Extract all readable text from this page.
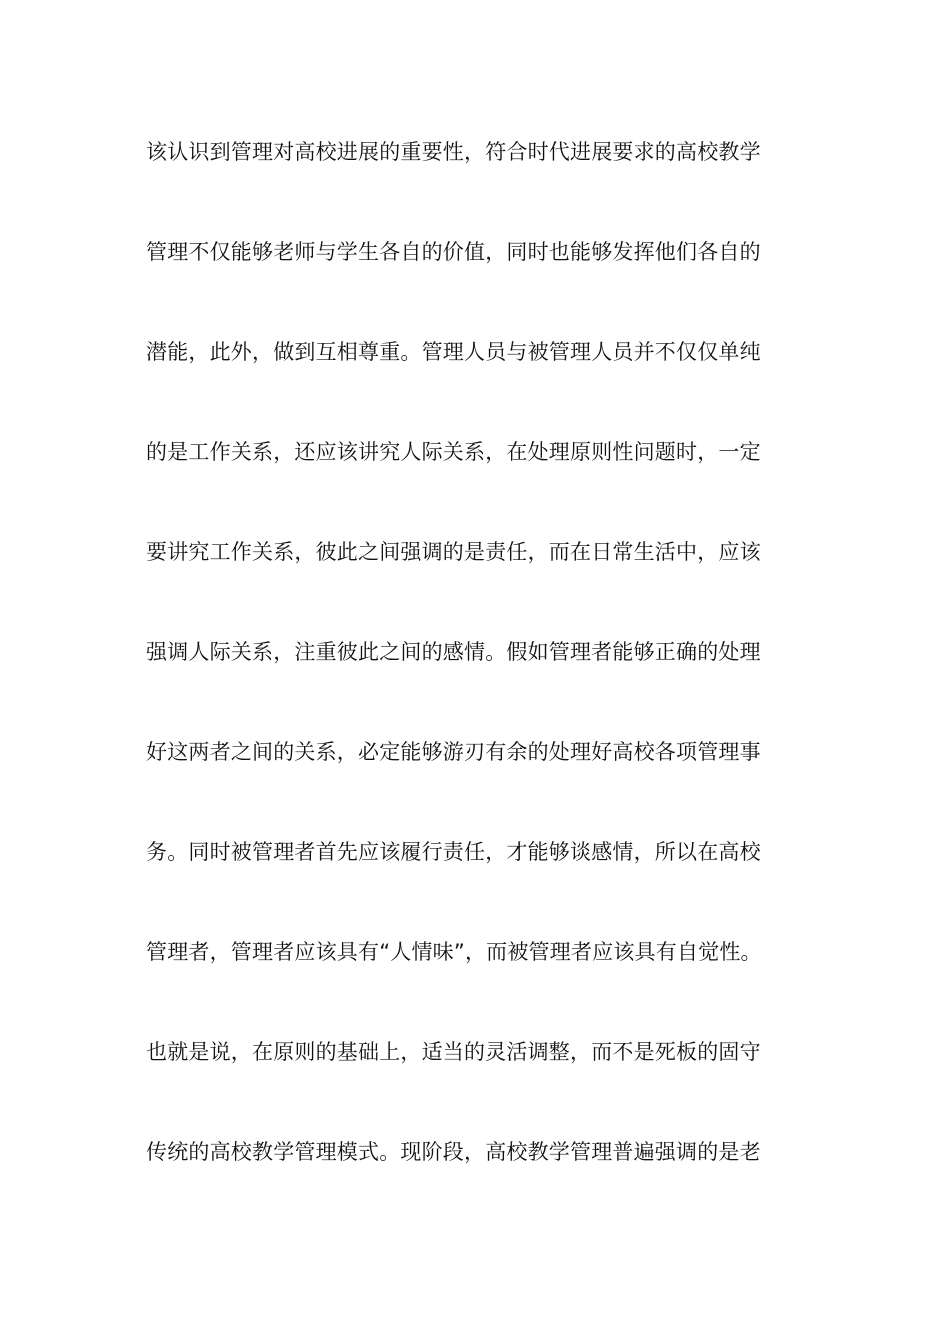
该认识到管理对高校进展的重要性，符合时代进展要求的高校教学
管理不仅能够老师与学生各自的价值，同时也能够发挥他们各自的
潜能，此外，做到互相尊重。管理人员与被管理人员并不仅仅单纯
的是工作关系，还应该讲究人际关系，在处理原则性问题时，一定
要讲究工作关系，彼此之间强调的是责任，而在日常生活中，应该
强调人际关系，注重彼此之间的感情。假如管理者能够正确的处理
好这两者之间的关系，必定能够游刃有余的处理好高校各项管理事
务。同时被管理者首先应该履行责任，才能够谈感情，所以在高校
管理者，管理者应该具有“人情味”，而被管理者应该具有自觉性。
也就是说，在原则的基础上，适当的灵活调整，而不是死板的固守
传统的高校教学管理模式。现阶段，高校教学管理普遍强调的是老
